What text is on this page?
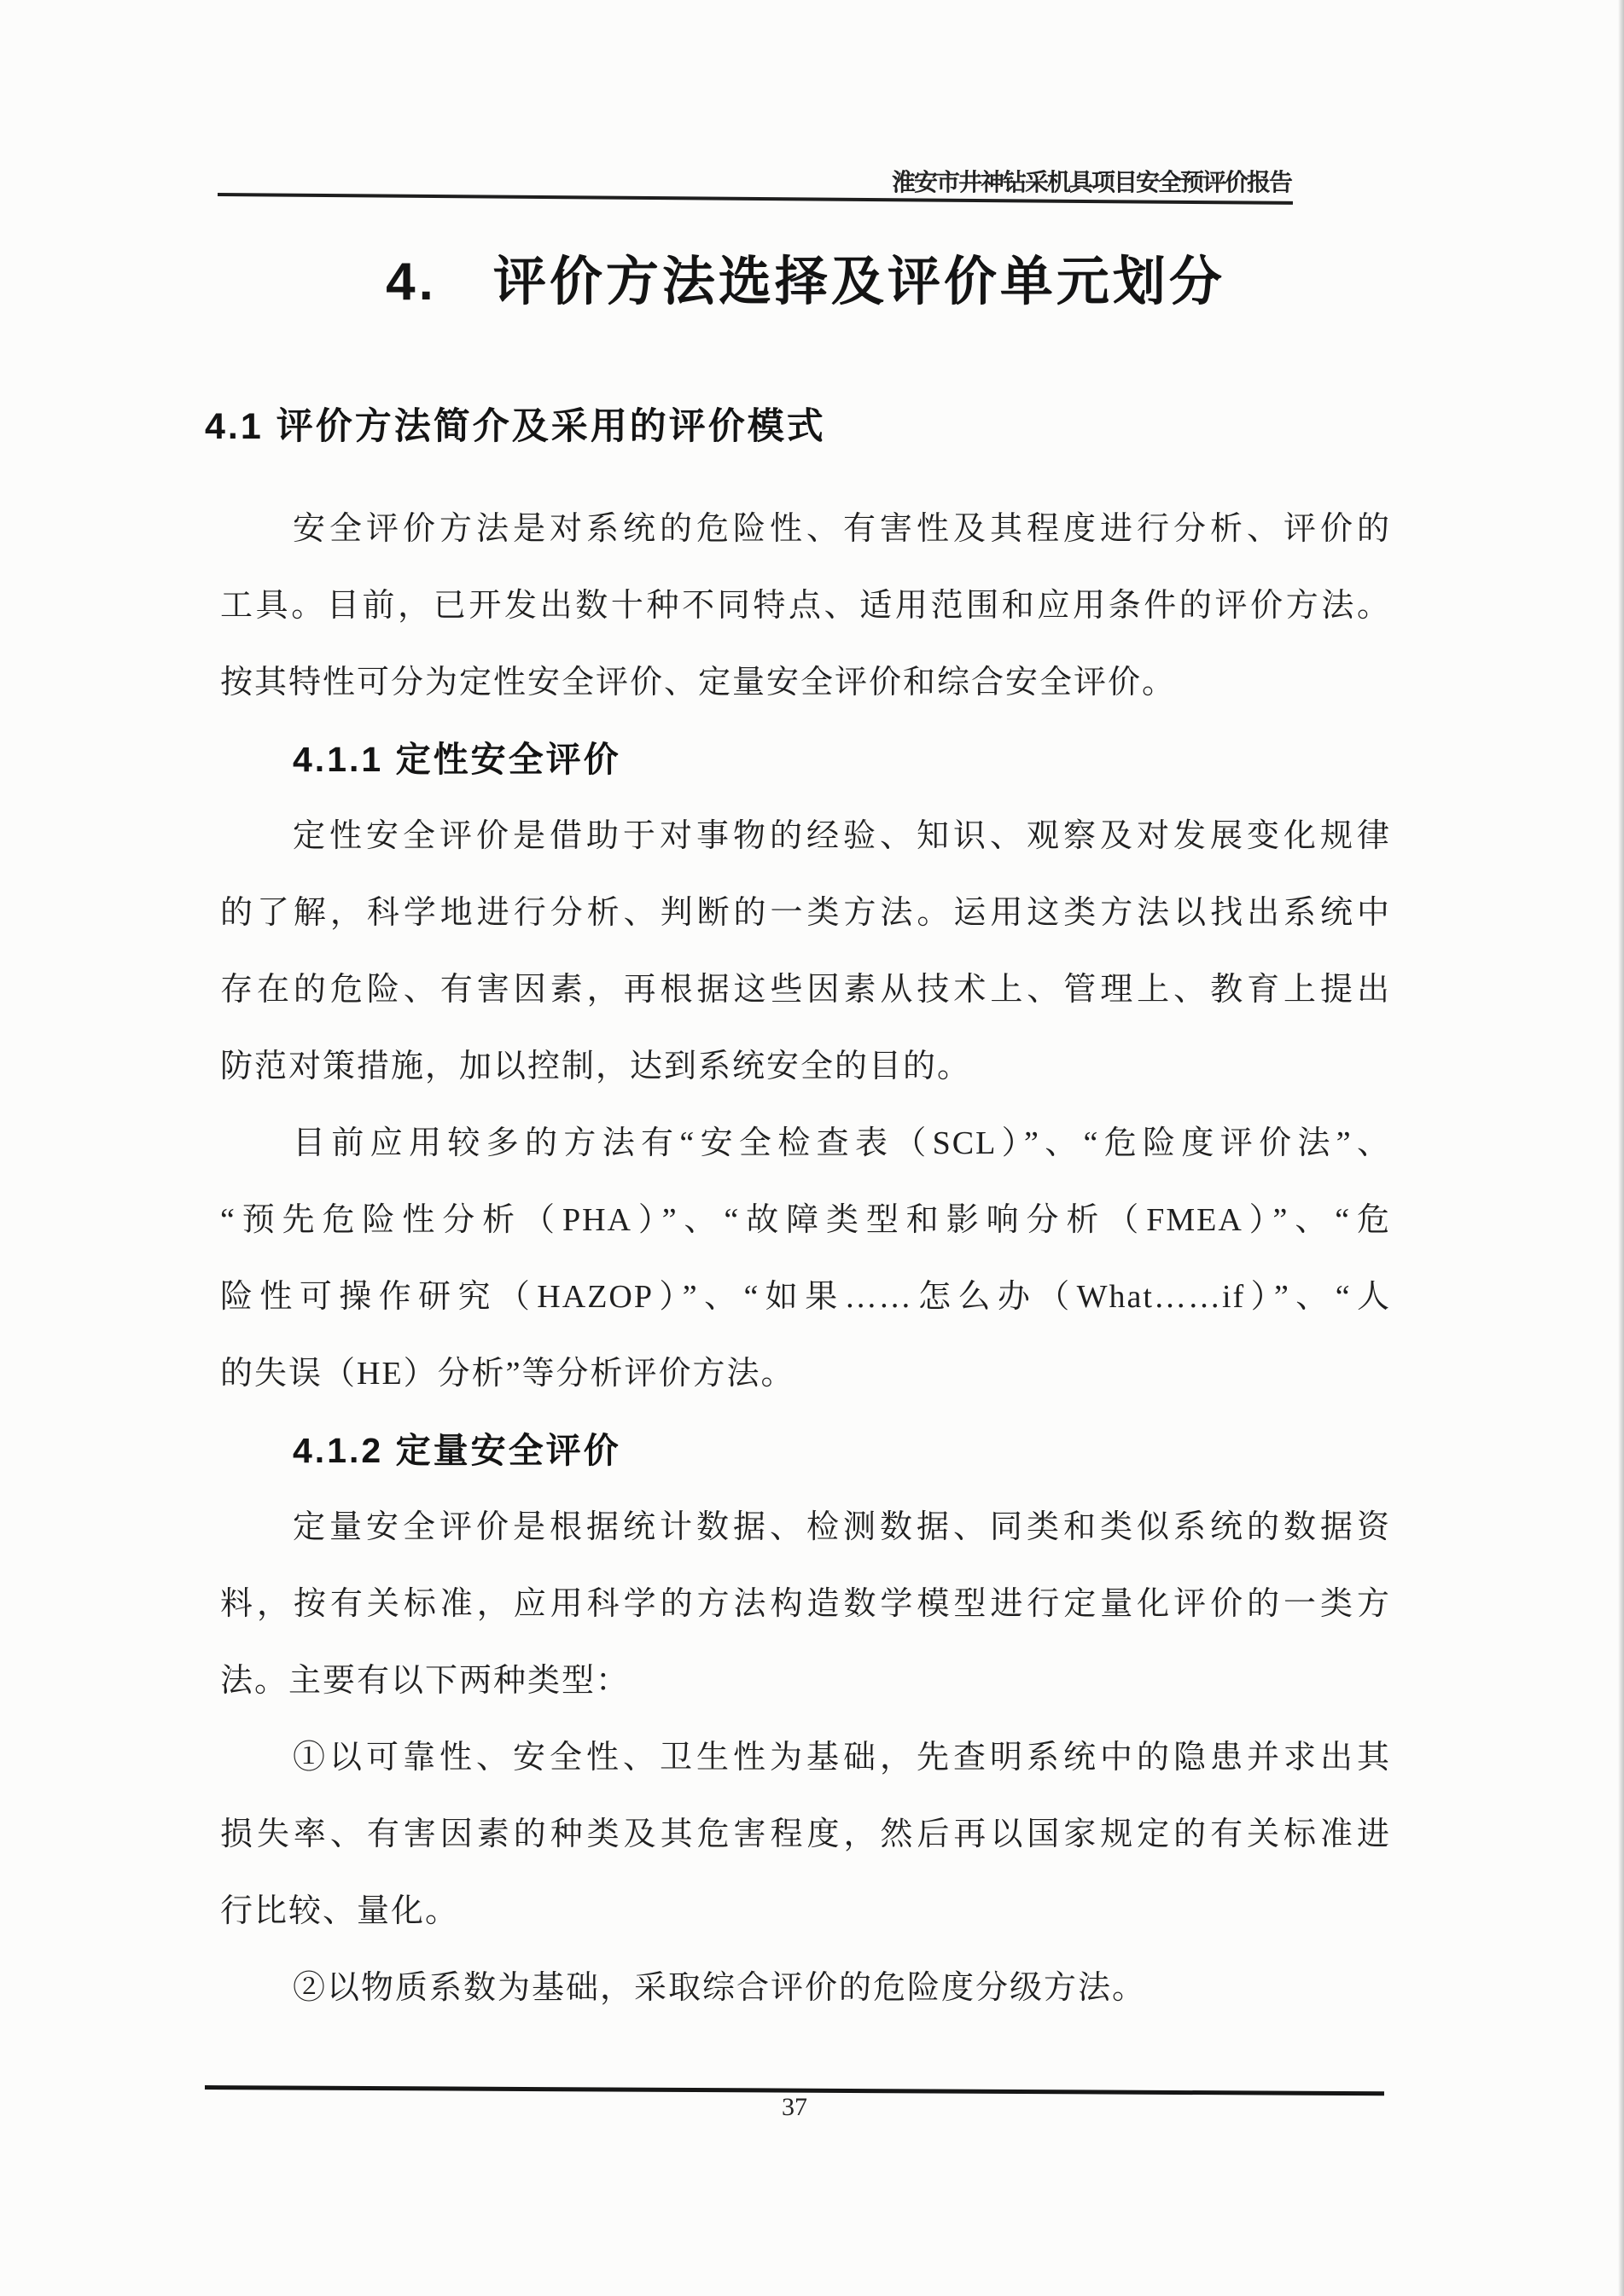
淮安市井神钻采机具项目安全预评价报告
4.　评价方法选择及评价单元划分
4.1 评价方法简介及采用的评价模式
安全评价方法是对系统的危险性、有害性及其程度进行分析、评价的
工具。目前，已开发出数十种不同特点、适用范围和应用条件的评价方法。
按其特性可分为定性安全评价、定量安全评价和综合安全评价。
4.1.1 定性安全评价
定性安全评价是借助于对事物的经验、知识、观察及对发展变化规律
的了解，科学地进行分析、判断的一类方法。运用这类方法以找出系统中
存在的危险、有害因素，再根据这些因素从技术上、管理上、教育上提出
防范对策措施，加以控制，达到系统安全的目的。
目前应用较多的方法有“安全检查表（SCL）”、“危险度评价法”、
“预先危险性分析（PHA）”、“故障类型和影响分析（FMEA）”、“危
险性可操作研究（HAZOP）”、“如果……怎么办（What……if）”、“人
的失误（HE）分析”等分析评价方法。
4.1.2 定量安全评价
定量安全评价是根据统计数据、检测数据、同类和类似系统的数据资
料，按有关标准，应用科学的方法构造数学模型进行定量化评价的一类方
法。主要有以下两种类型：
①以可靠性、安全性、卫生性为基础，先查明系统中的隐患并求出其
损失率、有害因素的种类及其危害程度，然后再以国家规定的有关标准进
行比较、量化。
②以物质系数为基础，采取综合评价的危险度分级方法。
37
